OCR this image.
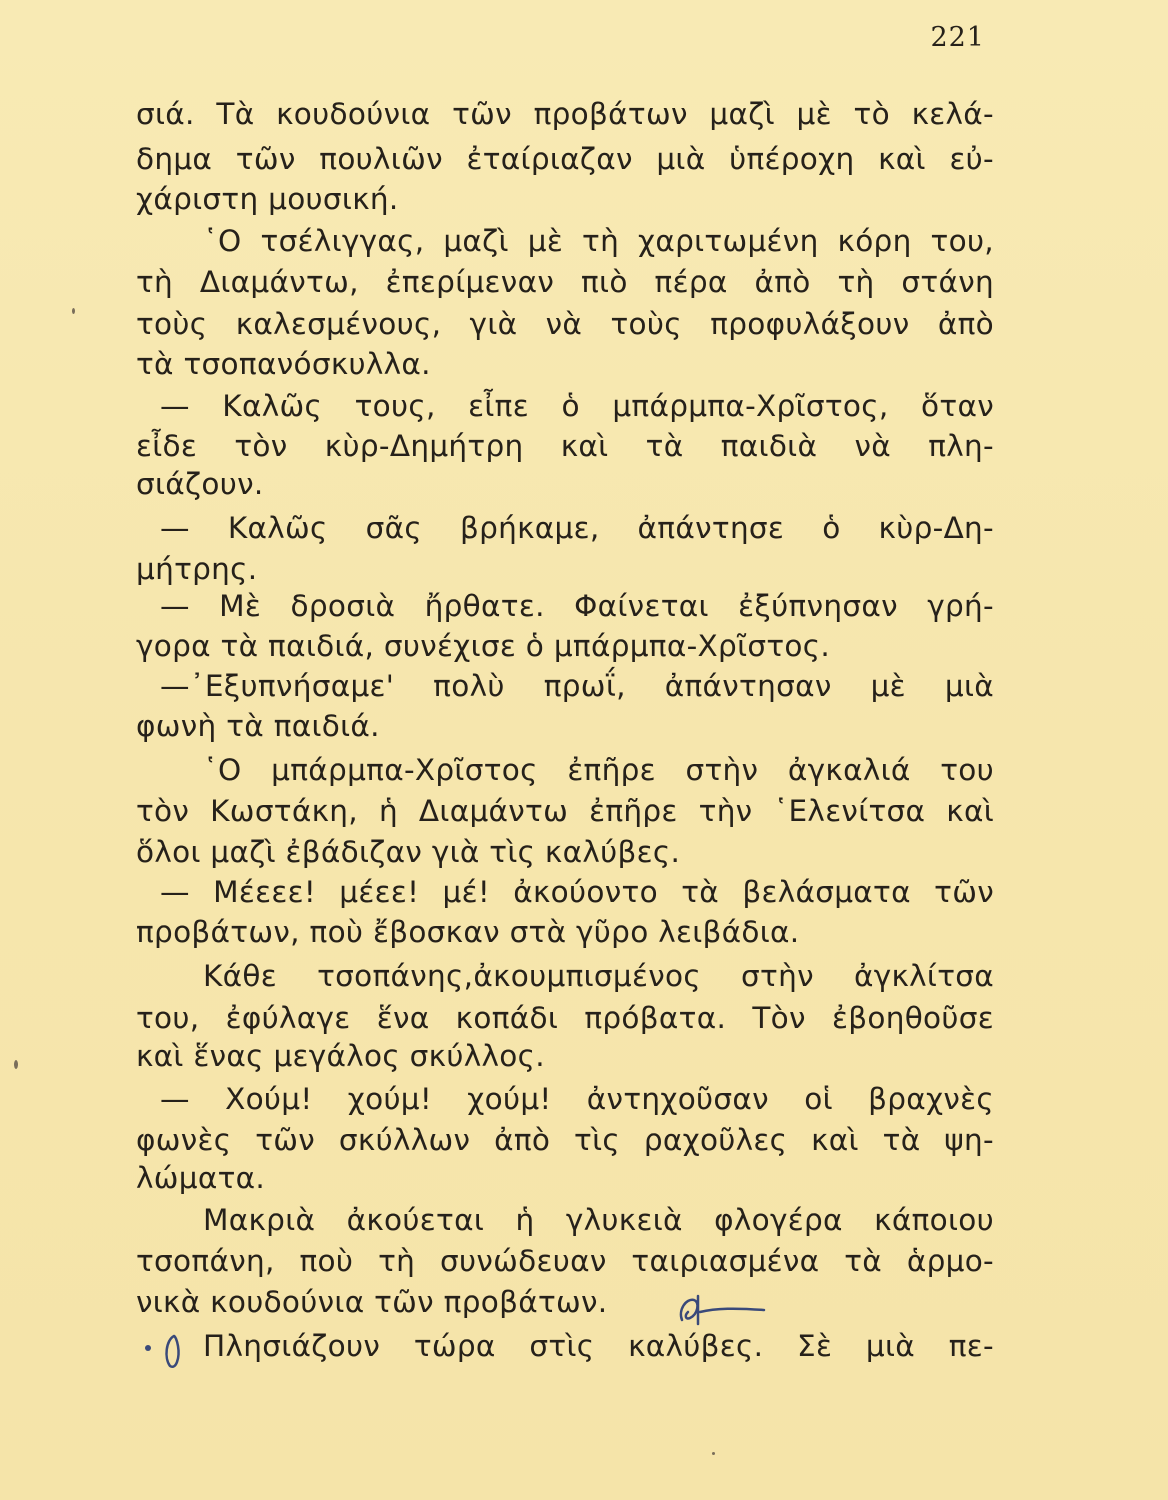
221
σιά. Τὰ κουδούνια τῶν προβάτων μαζὶ μὲ τὸ κελά-
δημα τῶν πουλιῶν ἐταίριαζαν μιὰ ὑπέροχη καὶ εὐ-
χάριστη μουσική.
῾Ο τσέλιγγας, μαζὶ μὲ τὴ χαριτωμένη κόρη του,
τὴ Διαμάντω, ἐπερίμεναν πιὸ πέρα ἀπὸ τὴ στάνη
τοὺς καλεσμένους, γιὰ νὰ τοὺς προφυλάξουν ἀπὸ
τὰ τσοπανόσκυλλα.
— Καλῶς τους, εἶπε ὁ μπάρμπα-Χρῖστος, ὅταν
εἶδε τὸν κὺρ-Δημήτρη καὶ τὰ παιδιὰ νὰ πλη-
σιάζουν.
— Καλῶς σᾶς βρήκαμε, ἀπάντησε ὁ κὺρ-Δη-
μήτρης.
— Μὲ δροσιὰ ἤρθατε. Φαίνεται ἐξύπνησαν γρή-
γορα τὰ παιδιά, συνέχισε ὁ μπάρμπα-Χρῖστος.
—᾿Εξυπνήσαμε' πολὺ πρωΐ, ἀπάντησαν μὲ μιὰ
φωνὴ τὰ παιδιά.
῾Ο μπάρμπα-Χρῖστος ἐπῆρε στὴν ἀγκαλιά του
τὸν Κωστάκη, ἡ Διαμάντω ἐπῆρε τὴν ῾Ελενίτσα καὶ
ὅλοι μαζὶ ἐβάδιζαν γιὰ τὶς καλύβες.
— Μέεεε! μέεε! μέ! ἀκούοντο τὰ βελάσματα τῶν
προβάτων, ποὺ ἔβοσκαν στὰ γῦρο λειβάδια.
Κάθε τσοπάνης,ἀκουμπισμένος στὴν ἀγκλίτσα
του, ἐφύλαγε ἕνα κοπάδι πρόβατα. Τὸν ἐβοηθοῦσε
καὶ ἕνας μεγάλος σκύλλος.
— Χούμ! χούμ! χούμ! ἀντηχοῦσαν οἱ βραχνὲς
φωνὲς τῶν σκύλλων ἀπὸ τὶς ραχοῦλες καὶ τὰ ψη-
λώματα.
Μακριὰ ἀκούεται ἡ γλυκειὰ φλογέρα κάποιου
τσοπάνη, ποὺ τὴ συνώδευαν ταιριασμένα τὰ ἁρμο-
νικὰ κουδούνια τῶν προβάτων.
Πλησιάζουν τώρα στὶς καλύβες. Σὲ μιὰ πε-
